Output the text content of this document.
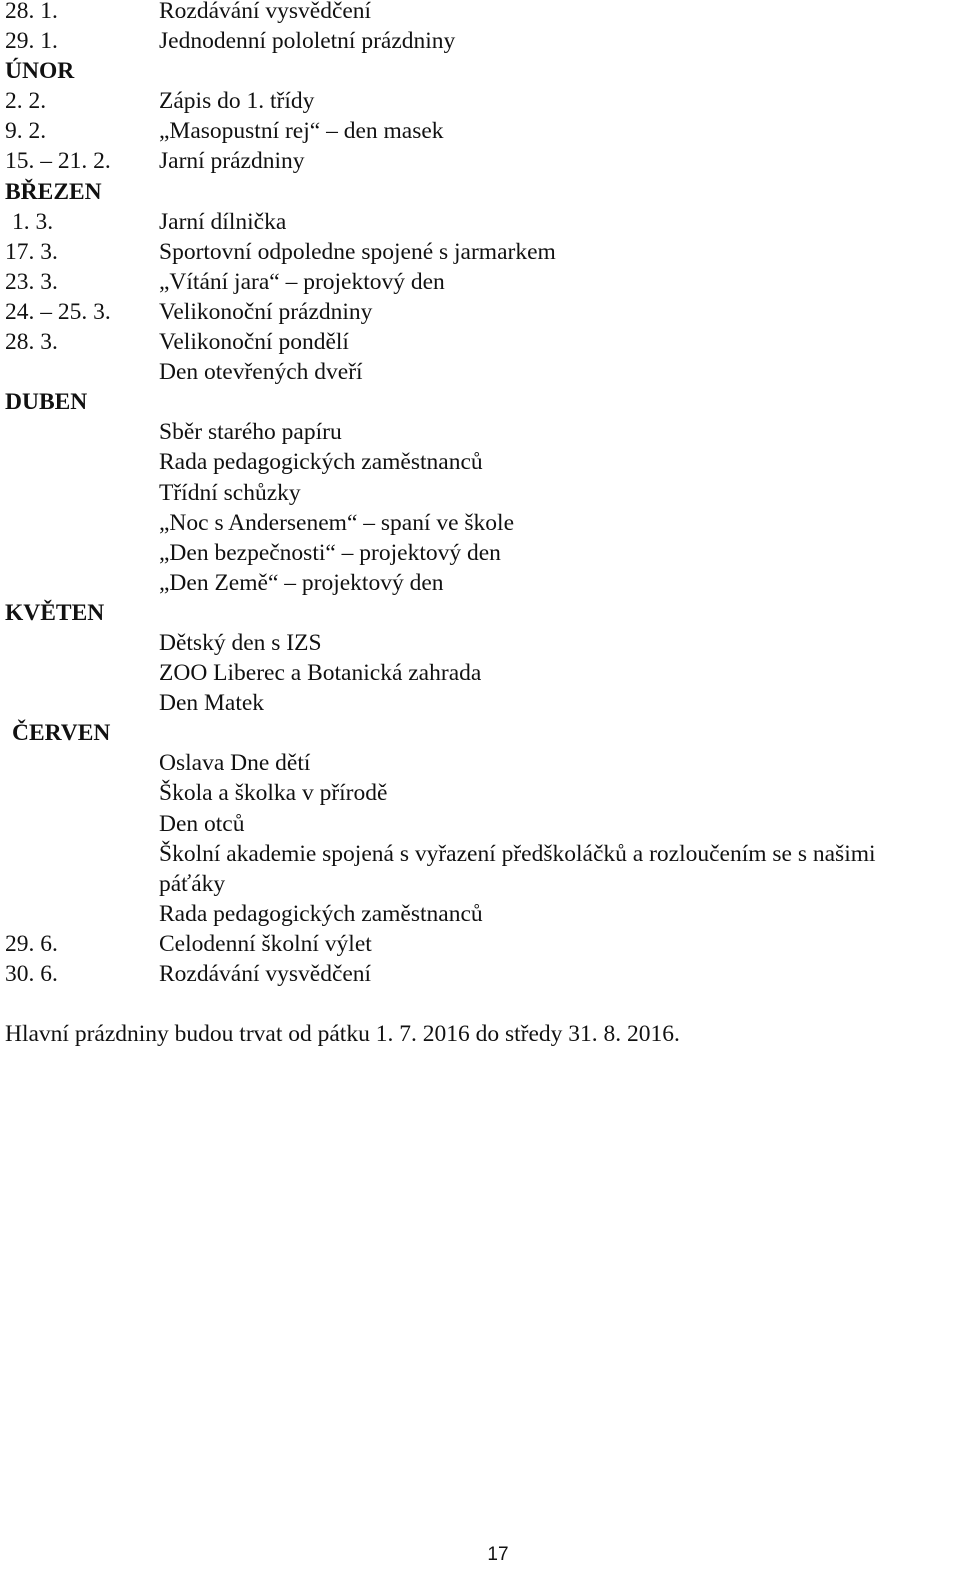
28. 1.	Rozdávání vysvědčení
29. 1.	Jednodenní pololetní prázdniny
ÚNOR
2. 2.	Zápis do 1. třídy
9. 2.	„Masopustní rej“ – den masek
15. – 21. 2. Jarní prázdniny
BŘEZEN
1. 3.	Jarní dílnička
17. 3.	Sportovní odpoledne spojené s jarmarkem
23. 3.	„Vítání jara“ – projektový den
24. – 25. 3. Velikonoční prázdniny
28. 3.	Velikonoční pondělí
Den otevřených dveří
DUBEN
Sběr starého papíru
Rada pedagogických zaměstnanců
Třídní schůzky
„Noc s Andersenem“ – spaní ve škole
„Den bezpečnosti“ – projektový den
„Den Země“ – projektový den
KVĚTEN
Dětský den s IZS
ZOO Liberec a Botanická zahrada
Den Matek
ČERVEN
Oslava Dne dětí
Škola a školka v přírodě
Den otců
Školní akademie spojená s vyřazení předškoláčků a rozloučením se s našimi
páťáky
Rada pedagogických zaměstnanců
29. 6.	Celodenní školní výlet
30. 6.	Rozdávání vysvědčení
Hlavní prázdniny budou trvat od pátku 1. 7. 2016 do středy 31. 8. 2016.
17
